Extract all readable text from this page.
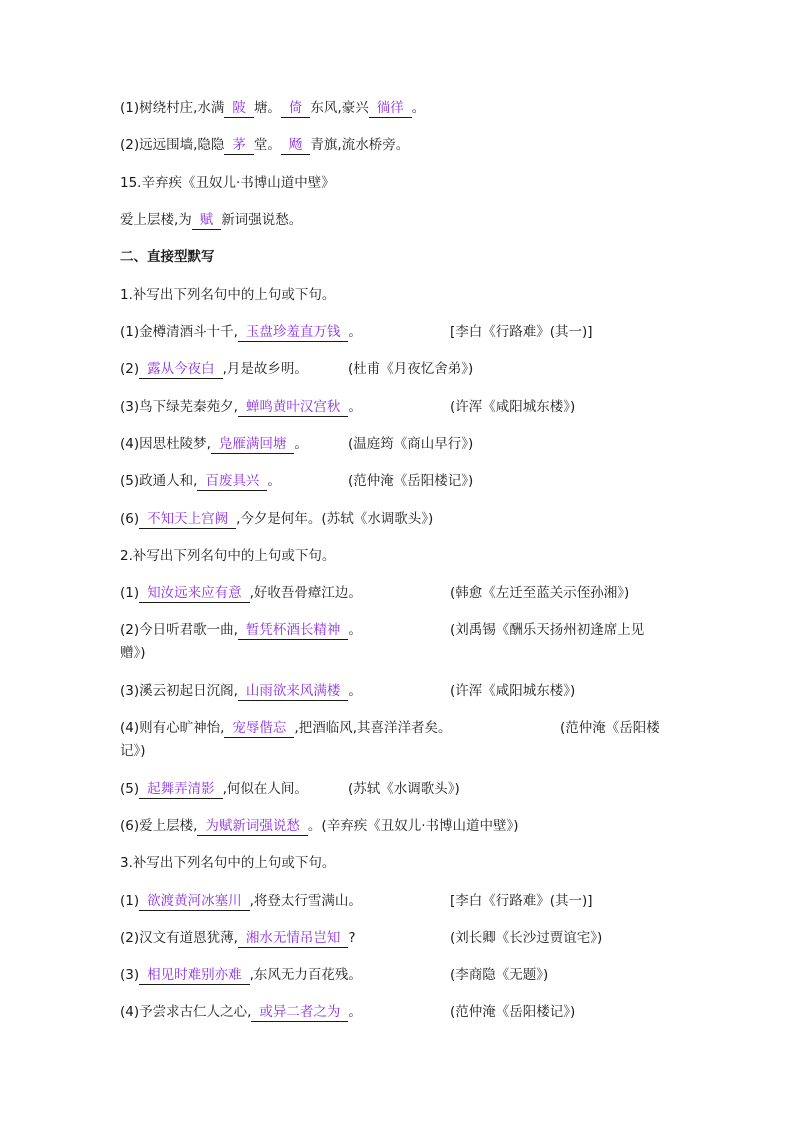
(1)树绕村庄,水满 陂 塘。 倚 东风,豪兴 徜徉 。
(2)远远围墙,隐隐 茅 堂。 飏 青旗,流水桥旁。
15.辛弃疾《丑奴儿·书博山道中壁》
爱上层楼,为 赋 新词强说愁。
二、直接型默写
1.补写出下列名句中的上句或下句。
(1)金樽清酒斗十千, 玉盘珍羞直万钱 。	[李白《行路难》(其一)]
(2) 露从今夜白 ,月是故乡明。	(杜甫《月夜忆舍弟》)
(3)鸟下绿芜秦苑夕, 蝉鸣黄叶汉宫秋 。	(许浑《咸阳城东楼》)
(4)因思杜陵梦, 凫雁满回塘 。	(温庭筠《商山早行》)
(5)政通人和, 百废具兴 。	(范仲淹《岳阳楼记》)
(6) 不知天上宫阙 ,今夕是何年。(苏轼《水调歌头》)
2.补写出下列名句中的上句或下句。
(1) 知汝远来应有意 ,好收吾骨瘴江边。	(韩愈《左迁至蓝关示侄孙湘》)
(2)今日听君歌一曲, 暂凭杯酒长精神 。	(刘禹锡《酬乐天扬州初逢席上见
赠》)
(3)溪云初起日沉阁, 山雨欲来风满楼 。	(许浑《咸阳城东楼》)
(4)则有心旷神怡, 宠辱偕忘 ,把酒临风,其喜洋洋者矣。	(范仲淹《岳阳楼
记》)
(5) 起舞弄清影 ,何似在人间。	(苏轼《水调歌头》)
(6)爱上层楼, 为赋新词强说愁 。(辛弃疾《丑奴儿·书博山道中壁》)
3.补写出下列名句中的上句或下句。
(1) 欲渡黄河冰塞川 ,将登太行雪满山。	[李白《行路难》(其一)]
(2)汉文有道恩犹薄, 湘水无情吊岂知 ?	(刘长卿《长沙过贾谊宅》)
(3) 相见时难别亦难 ,东风无力百花残。	(李商隐《无题》)
(4)予尝求古仁人之心, 或异二者之为 。	(范仲淹《岳阳楼记》)
